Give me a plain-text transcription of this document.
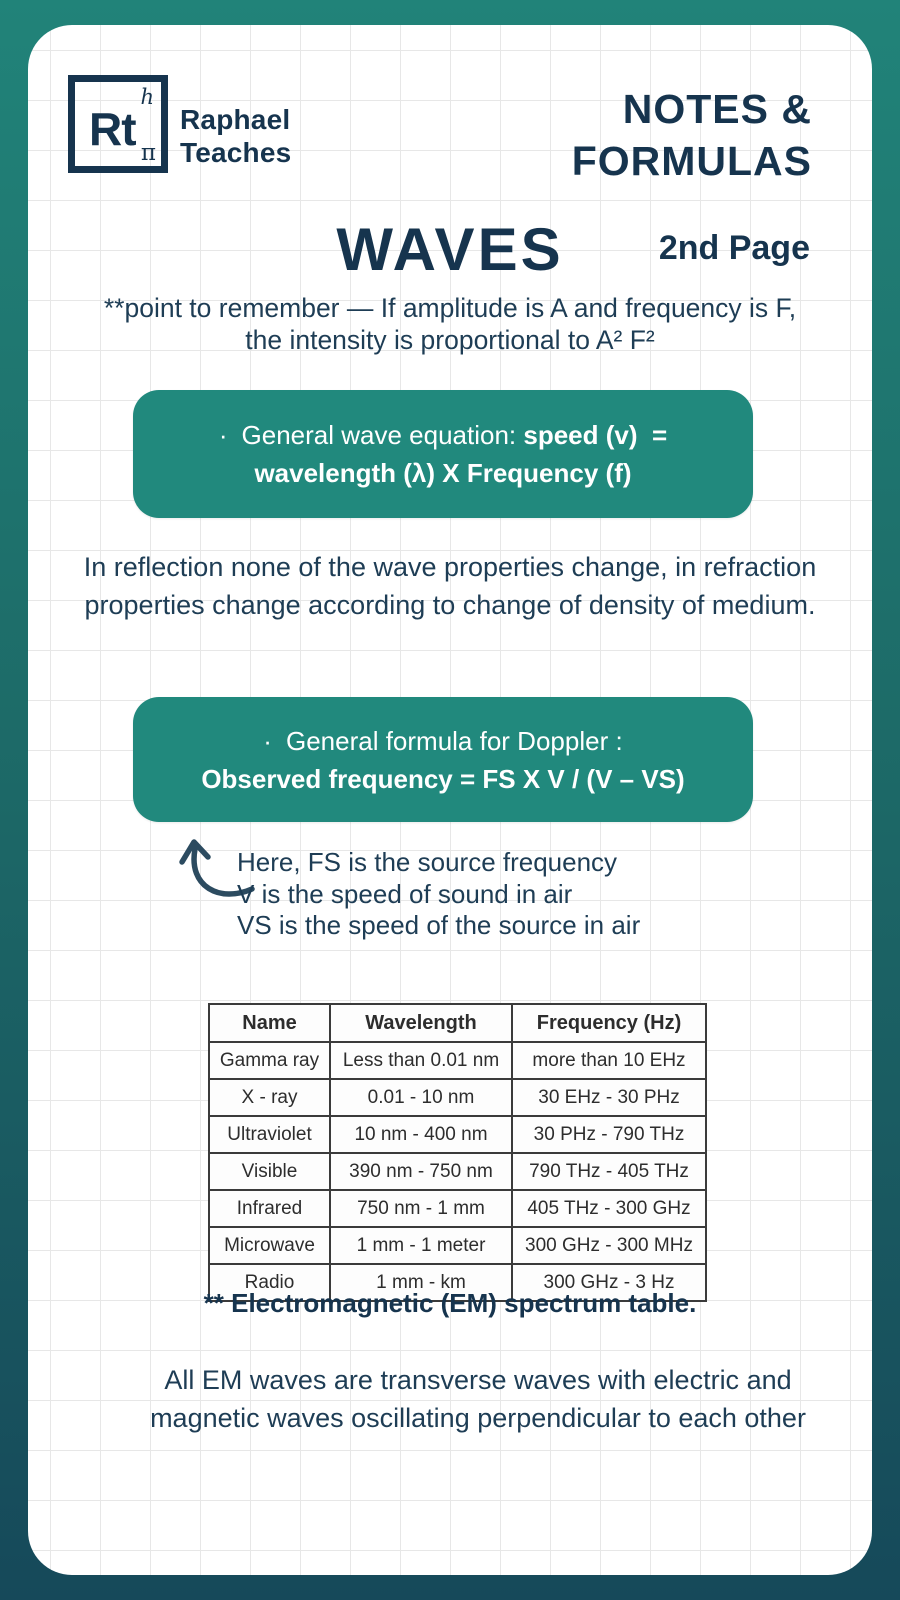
Rt
h
π
Raphael
Teaches
NOTES &
FORMULAS
WAVES	2nd Page
**point to remember — If amplitude is A and frequency is F,
the intensity is proportional to A² F²
· General wave equation: speed (v)  =
wavelength (λ) X Frequency (f)
In reflection none of the wave properties change, in refraction properties change according to change of density of medium.
· General formula for Doppler :
Observed frequency = FS X V / (V – VS)
Here, FS is the source frequency
V is the speed of sound in air
VS is the speed of the source in air
Name	Wavelength	Frequency (Hz)
Gamma ray	Less than 0.01 nm	more than 10 EHz
X - ray	0.01 - 10 nm	30 EHz - 30 PHz
Ultraviolet	10 nm - 400 nm	30 PHz - 790 THz
Visible	390 nm - 750 nm	790 THz - 405 THz
Infrared	750 nm - 1 mm	405 THz - 300 GHz
Microwave	1 mm - 1 meter	300 GHz - 300 MHz
Radio	1 mm - km	300 GHz - 3 Hz
** Electromagnetic (EM) spectrum table.
All EM waves are transverse waves with electric and magnetic waves oscillating perpendicular to each other
